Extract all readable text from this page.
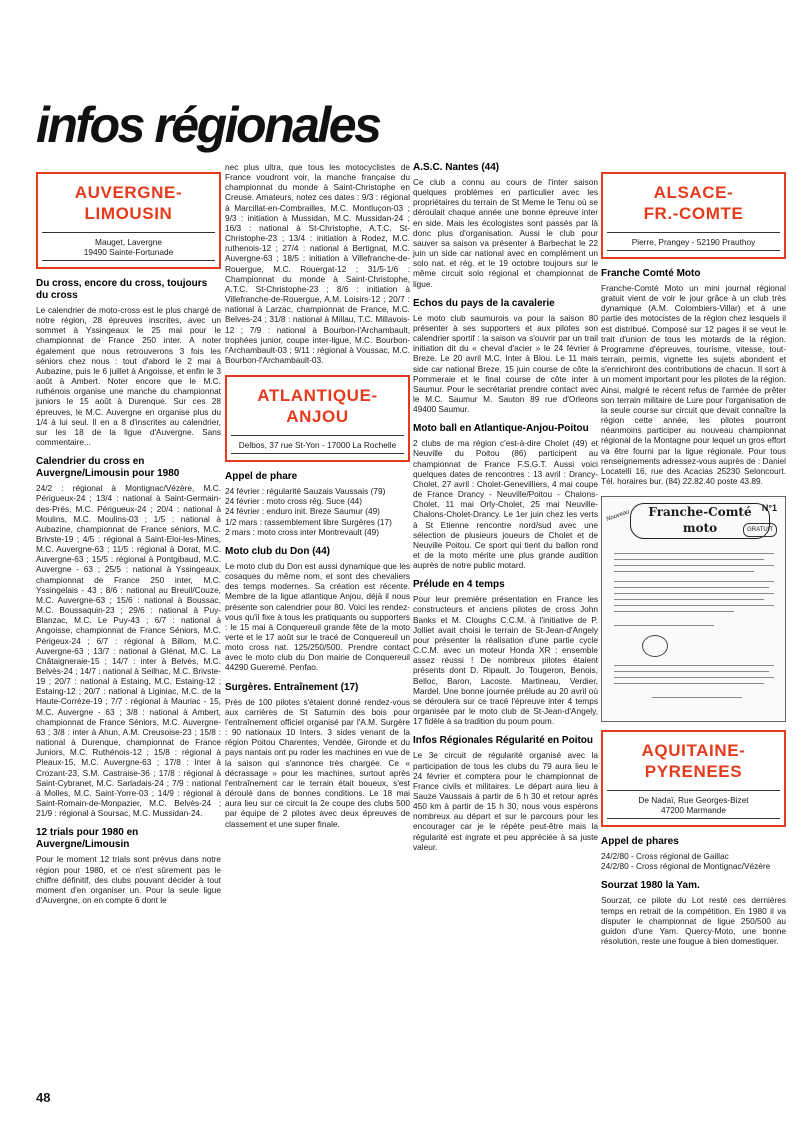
infos régionales
AUVERGNE-LIMOUSIN
Mauget, Lavergne
19490 Sainte-Fortunade
Du cross, encore du cross, toujours du cross
Le calendrier de moto-cross est le plus chargé de notre région, 28 épreuves inscrites, avec un sommet à Yssingeaux le 25 mai pour le championnat de France 250 inter. A noter également que nous retrouverons 3 fois les séniors chez nous : tout d'abord le 2 mai à Aubazine, puis le 6 juillet à Angoisse, et enfin le 3 août à Ambert. Noter encore que le M.C. ruthénois organise une manche du championnat juniors le 15 août à Durenque. Sur ces 28 épreuves, le M.C. Auvergne en organise plus du 1/4 à lui seul. Il en a 8 d'inscrites au calendrier, sur les 18 de la ligue d'Auvergne. Sans commentaire...
Calendrier du cross en Auvergne/Limousin pour 1980
24/2 : régional à Montignac/Vézère, M.C. Périgueux-24 ; 13/4 : national à Saint-Germain-des-Prés, M.C. Périgueux-24 ; 20/4 : national à Moulins, M.C. Moulins-03 ; 1/5 : national à Aubazine, championnat de France séniors, M.C. Brivste-19 ; 4/5 : régional à Saint-Eloi-les-Mines, M.C. Auvergne-63 ; 11/5 : régional à Dorat, M.C. Auvergne-63 ; 15/5 : régional à Pontgibaud, M.C. Auvergne - 63 ; 25/5 : national à Yssingeaux, championnat de France 250 inter, M.C. Yssingelais - 43 ; 8/6 : national au Breuil/Couze, M.C. Auvergne-63 ; 15/6 : national à Boussac, M.C. Boussaquin-23 ; 29/6 : national à Puy-Blanzac, M.C. Le Puy-43 ; 6/7 : national à Angoisse, championnat de France Séniors, M.C. Périgeux-24 ; 6/7 : régional à Billom, M.C. Auvergne-63 ; 13/7 : national à Glénat, M.C. La Châtaigneraie-15 ; 14/7 : inter à Belvès, M.C. Belvès-24 ; 14/7 : national à Seilhac, M.C. Brivste-19 ; 20/7 : national à Estaing, M.C. Estaing-12 ; Estaing-12 ; 20/7 : national à Liginiac, M.C. de la Haute-Corrèze-19 ; 7/7 : régional à Mauriac - 15, M.C. Auvergne - 63 ; 3/8 : national à Ambert, championnat de France Séniors, M.C. Auvergne-63 ; 3/8 : inter à Ahun, A.M. Creusoise-23 ; 15/8 : national à Durenque, championnat de France Juniors, M.C. Ruthénois-12 ; 15/8 : régional à Pleaux-15, M.C. Auvergne-63 ; 17/8 : Inter à Crozant-23, S.M. Castraise-36 ; 17/8 : régional à Saint-Cybranet, M.C. Sarladais-24 ; 7/9 : national à Molles, M.C. Saint-Yorre-03 ; 14/9 : régional à Saint-Romain-de-Monpazier, M.C. Belvès-24 ; 21/9 : régional à Soursac, M.C. Mussidan-24.
12 trials pour 1980 en Auvergne/Limousin
Pour le moment 12 trials sont prévus dans notre région pour 1980, et ce n'est sûrement pas le chiffre définitif, des clubs pouvant décider à tout moment d'en organiser un. Pour la seule ligue d'Auvergne, on en compte 6 dont le
nec plus ultra, que tous les motocyclistes de France voudront voir, la manche française du championnat du monde à Saint-Christophe en Creuse. Amateurs, notez ces dates : 9/3 : régional à Marcillat-en-Combrailles, M.C. Montluçon-03 ; 9/3 : initiation à Mussidan, M.C. Mussidan-24 ; 16/3 : national à St-Christophe, A.T.C. St-Christophe-23 ; 13/4 : initiation à Rodez, M.C. ruthenois-12 ; 27/4 : national à Bertignat, M.C. Auvergne-63 ; 18/5 : initiation à Villefranche-de-Rouergue, M.C. Rouergat-12 ; 31/5-1/6 : Championnat du monde à Saint-Christophe, A.T.C. St-Christophe-23 ; 8/6 : initiation à Villefranche-de-Rouergue, A.M. Loisirs-12 ; 20/7 : national à Larzac, championnat de France, M.C. Belves-24 ; 31/8 : national à Millau, T.C. Millavois-12 ; 7/9 : national à Bourbon-l'Archambault, trophées junior, coupe inter-ligue, M.C. Bourbon-l'Archambault-03 ; 9/11 : régional à Voussac, M.C. Bourbon-l'Archambault-03.
ATLANTIQUE-ANJOU
Delbos, 37 rue St-Yon - 17000 La Rochelle
Appel de phare
24 février : régularité Sauzais Vaussais (79)
24 février : moto cross rég. Suce (44)
24 février : enduro init. Breze Saumur (49)
1/2 mars : rassemblement libre Surgères (17)
2 mars : moto cross inter Montrevault (49)
Moto club du Don (44)
Le moto club du Don est aussi dynamique que les cosaques du même nom, et sont des chevaliers des temps modernes. Sa création est récente. Membre de la ligue atlantique Anjou, déjà il nous présente son calendrier pour 80. Voici les rendez-vous qu'il fixe à tous les pratiquants ou supporters : le 15 mai à Conquereuil grande fête de la moto verte et le 17 août sur le tracé de Conquereuil un moto cross nat. 125/250/500. Prendre contact avec le moto club du Don mairie de Conquereuil 44290 Gueremé. Penfao.
Surgères. Entraînement (17)
Près de 100 pilotes s'étaient donné rendez-vous aux carrières de St Saturnin des bois pour l'entraînement officiel organisé par l'A.M. Surgère : 90 nationaux 10 Inters. 3 sides venant de la région Poitou Charentes, Vendée, Gironde et du pays nantais ont pu roder les machines en vue de la saison qui s'annonce très chargée. Ce « décrassage » pour les machines, surtout après l'entraînement car le terrain était boueux, s'est déroulé dans de bonnes conditions. Le 18 mai aura lieu sur ce circuit la 2e coupe des clubs 500 par équipe de 2 pilotes avec deux épreuves de classement et une super finale.
A.S.C. Nantes (44)
Ce club a connu au cours de l'inter saison quelques problèmes en particulier avec les propriétaires du terrain de St Meme le Tenu où se déroulait chaque année une bonne épreuve inter en side. Mais les écologistes sont passés par là donc plus d'organisation. Aussi le club pour sauver sa saison va présenter à Barbechat le 22 juin un side car national avec en complément un solo nat. et rég. et le 19 octobre toujours sur le même circuit solo régional et championnat de ligue.
Echos du pays de la cavalerie
Le moto club saumurois va pour la saison 80 présenter à ses supporters et aux pilotes son calendrier sportif : la saison va s'ouvrir par un trail initiation dit du « cheval d'acier » le 24 février à Breze. Le 20 avril M.C. Inter à Blou. Le 11 mais side car national Breze. 15 juin course de côte la Pommeraie et le final course de côte inter à Saumur. Pour le secrétariat prendre contact avec le M.C. Saumur M. Sauton 89 rue d'Orleons 49400 Saumur.
Moto ball en Atlantique-Anjou-Poitou
2 clubs de ma région c'est-à-dire Cholet (49) et Neuville du Poitou (86) participent au championnat de France F.S.G.T. Aussi voici quelques dates de rencontres : 13 avril : Drancy-Cholet, 27 avril : Cholet-Genevilliers, 4 mai coupe de France Drancy - Neuville/Poitou - Chalons-Cholet, 11 mai Orly-Cholet, 25 mai Neuville-Chalons-Cholet-Drancy. Le 1er juin chez les verts à St Etienne rencontre nord/sud avec une sélection de plusieurs joueurs de Cholet et de Neuville Poitou. Ce sport qui tient du ballon rond et de la moto mérite une plus grande audition auprès de notre public motard.
Prélude en 4 temps
Pour leur première présentation en France les constructeurs et anciens pilotes de cross John Banks et M. Cloughs C.C.M. à l'initiative de P. Jolliet avait choisi le terrain de St-Jean-d'Angely pour présenter la réalisation d'une partie cycle C.C.M. avec un moteur Honda XR : ensemble assez réussi ! De nombreux pilotes étaient présents dont D. Ripault, Jo Tougeron, Benois, Belloc, Baron, Lacoste. Martineau, Verdier, Mardel. Une bonne journée prélude au 20 avril où se déroulera sur ce tracé l'épreuve inter 4 temps organisée par le moto club de St-Jean-d'Angely, 17 fidèle à sa tradition du poum poum.
Infos Régionales Régularité en Poitou
Le 3e circuit de régularité organisé avec la participation de tous les clubs du 79 aura lieu le 24 février et comptera pour le championnat de France civils et militaires. Le départ aura lieu à Sauze Vaussais à partir de 6 h 30 et retour après 450 km à partir de 15 h 30, nous vous espérons nombreux au départ et sur le parcours pour les encourager car je le répète peut-être mais la régularité est ingrate et peu appréciée à sa juste valeur.
ALSACE-FR.-COMTE
Pierre, Prangey - 52190 Prauthoy
Franche Comté Moto
Franche-Comté Moto un mini journal régional gratuit vient de voir le jour grâce à un club très dynamique (A.M. Colombiers-Villar) et à une partie des motocistes de la région chez lesquels il est distribué. Composé sur 12 pages il se veut le trait d'union de tous les motards de la région. Programme d'épreuves, tourisme, vitesse, tout-terrain, permis, vignette les sujets abondent et s'enrichiront des contributions de chacun. Il sort à un moment important pour les pilotes de la région. Ainsi, malgré le récent refus de l'armée de prêter son terrain militaire de Lure pour l'organisation de la seule course sur circuit que devait connaître la région cette année, les pilotes pourront néanmoins participer au nouveau championnat régional de la Montagne pour lequel un gros effort va être fourni par la ligue régionale. Pour tous renseignements adressez-vous auprès de : Daniel Locatelli 16, rue des Acacias 25230 Seloncourt. Tél. horaires bur. (84) 22.82.40 poste 43.89.
Franche-Comté moto
N°1
Nouveau
GRATUIT
AQUITAINE-PYRENEES
De Nadaï, Rue Georges-Bizet
47200 Marmande
Appel de phares
24/2/80 - Cross régional de Gaillac
24/2/80 - Cross régional de Montignac/Vézère
Sourzat 1980 la Yam.
Sourzat, ce pilote du Lot resté ces dernières temps en retrait de la compétition. En 1980 il va disputer le championnat de ligue 250/500 au guidon d'une Yam. Quercy-Moto, une bonne résolution, reste une fougue à bien domestiquer.
48
